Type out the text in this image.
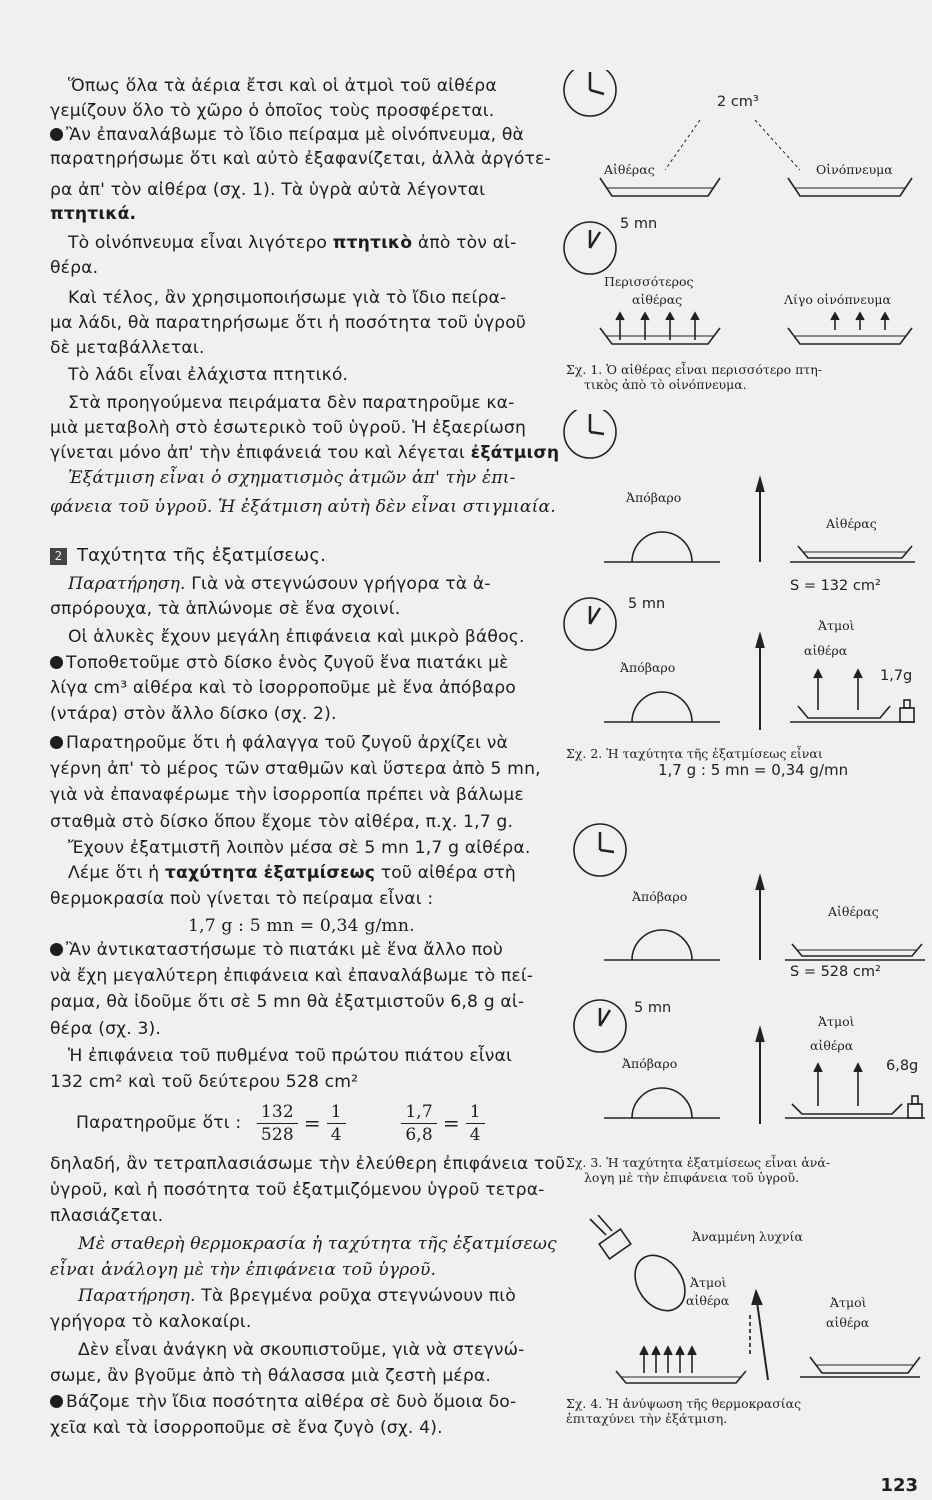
Ὅπως ὅλα τὰ ἀέρια ἔτσι καὶ οἱ ἀτμοὶ τοῦ αἰθέρα
γεμίζουν ὅλο τὸ χῶρο ὁ ὁποῖος τοὺς προσφέρεται.
Ἂν ἐπαναλάβωμε τὸ ἴδιο πείραμα μὲ οἰνόπνευμα, θὰ
παρατηρήσωμε ὅτι καὶ αὐτὸ ἐξαφανίζεται, ἀλλὰ ἀργότε-
ρα ἀπ' τὸν αἰθέρα (σχ. 1). Τὰ ὑγρὰ αὐτὰ λέγονται
πτητικά.
Τὸ οἰνόπνευμα εἶναι λιγότερο πτητικὸ ἀπὸ τὸν αἰ-
θέρα.
Καὶ τέλος, ἂν χρησιμοποιήσωμε γιὰ τὸ ἴδιο πείρα-
μα λάδι, θὰ παρατηρήσωμε ὅτι ἡ ποσότητα τοῦ ὑγροῦ
δὲ μεταβάλλεται.
Τὸ λάδι εἶναι ἐλάχιστα πτητικό.
Στὰ προηγούμενα πειράματα δὲν παρατηροῦμε κα-
μιὰ μεταβολὴ στὸ ἐσωτερικὸ τοῦ ὑγροῦ. Ἡ ἐξαερίωση
γίνεται μόνο ἀπ' τὴν ἐπιφάνειά του καὶ λέγεται ἐξάτμιση
Ἐξάτμιση εἶναι ὁ σχηματισμὸς ἀτμῶν ἀπ' τὴν ἐπι-
φάνεια τοῦ ὑγροῦ. Ἡ ἐξάτμιση αὐτὴ δὲν εἶναι στιγμιαία.
2 Ταχύτητα τῆς ἐξατμίσεως.
Παρατήρηση. Γιὰ νὰ στεγνώσουν γρήγορα τὰ ἀ-
σπρόρουχα, τὰ ἁπλώνομε σὲ ἕνα σχοινί.
Οἱ ἁλυκὲς ἔχουν μεγάλη ἐπιφάνεια καὶ μικρὸ βάθος.
Τοποθετοῦμε στὸ δίσκο ἑνὸς ζυγοῦ ἕνα πιατάκι μὲ
λίγα cm³ αἰθέρα καὶ τὸ ἰσορροποῦμε μὲ ἕνα ἀπόβαρο
(ντάρα) στὸν ἄλλο δίσκο (σχ. 2).
Παρατηροῦμε ὅτι ἡ φάλαγγα τοῦ ζυγοῦ ἀρχίζει νὰ
γέρνη ἀπ' τὸ μέρος τῶν σταθμῶν καὶ ὕστερα ἀπὸ 5 mn,
γιὰ νὰ ἐπαναφέρωμε τὴν ἰσορροπία πρέπει νὰ βάλωμε
σταθμὰ στὸ δίσκο ὅπου ἔχομε τὸν αἰθέρα, π.χ. 1,7 g.
Ἔχουν ἐξατμιστῆ λοιπὸν μέσα σὲ 5 mn 1,7 g αἰθέρα.
Λέμε ὅτι ἡ ταχύτητα ἐξατμίσεως τοῦ αἰθέρα στὴ
θερμοκρασία ποὺ γίνεται τὸ πείραμα εἶναι :
1,7 g : 5 mn = 0,34 g/mn.
Ἂν ἀντικαταστήσωμε τὸ πιατάκι μὲ ἕνα ἄλλο ποὺ
νὰ ἔχη μεγαλύτερη ἐπιφάνεια καὶ ἐπαναλάβωμε τὸ πεί-
ραμα, θὰ ἰδοῦμε ὅτι σὲ 5 mn θὰ ἐξατμιστοῦν 6,8 g αἰ-
θέρα (σχ. 3).
Ἡ ἐπιφάνεια τοῦ πυθμένα τοῦ πρώτου πιάτου εἶναι
132 cm² καὶ τοῦ δεύτερου 528 cm²
Παρατηροῦμε ὅτι : $\frac{132}{528} = \frac{1}{4}$
	$\frac{1,7}{6,8} = \frac{1}{4}$
δηλαδή, ἂν τετραπλασιάσωμε τὴν ἐλεύθερη ἐπιφάνεια τοῦ
ὑγροῦ, καὶ ἡ ποσότητα τοῦ ἐξατμιζόμενου ὑγροῦ τετρα-
πλασιάζεται.
Μὲ σταθερὴ θερμοκρασία ἡ ταχύτητα τῆς ἐξατμίσεως
εἶναι ἀνάλογη μὲ τὴν ἐπιφάνεια τοῦ ὑγροῦ.
Παρατήρηση. Τὰ βρεγμένα ροῦχα στεγνώνουν πιὸ
γρήγορα τὸ καλοκαίρι.
Δὲν εἶναι ἀνάγκη νὰ σκουπιστοῦμε, γιὰ νὰ στεγνώ-
σωμε, ἂν βγοῦμε ἀπὸ τὴ θάλασσα μιὰ ζεστὴ μέρα.
Βάζομε τὴν ἴδια ποσότητα αἰθέρα σὲ δυὸ ὅμοια δο-
χεῖα καὶ τὰ ἰσορροποῦμε σὲ ἕνα ζυγὸ (σχ. 4).
2 cm³
Αἰθέρας	Οἰνόπνευμα
5 mn
Περισσότερος
αἰθέρας	Λίγο οἰνόπνευμα
Σχ. 1. Ὁ αἰθέρας εἶναι περισσότερο πτη-
τικὸς ἀπὸ τὸ οἰνόπνευμα.
Ἀπόβαρο
Αἰθέρας
S = 132 cm²
5 mn
Ἀπόβαρο
Ἀτμοὶ
αἰθέρα
1,7g
Σχ. 2. Ἡ ταχύτητα τῆς ἐξατμίσεως εἶναι
1,7 g : 5 mn = 0,34 g/mn
Ἀπόβαρο
Αἰθέρας
S = 528 cm²
5 mn
Ἀπόβαρο
Ἀτμοὶ
αἰθέρα
6,8g
Σχ. 3. Ἡ ταχύτητα ἐξατμίσεως εἶναι ἀνά-
λογη μὲ τὴν ἐπιφάνεια τοῦ ὑγροῦ.
Ἀναμμένη λυχνία
Ἀτμοὶ
αἰθέρα	Ἀτμοὶ
αἰθέρα
Σχ. 4. Ἡ ἀνύψωση τῆς θερμοκρασίας
ἐπιταχύνει τὴν ἐξάτμιση.
123
